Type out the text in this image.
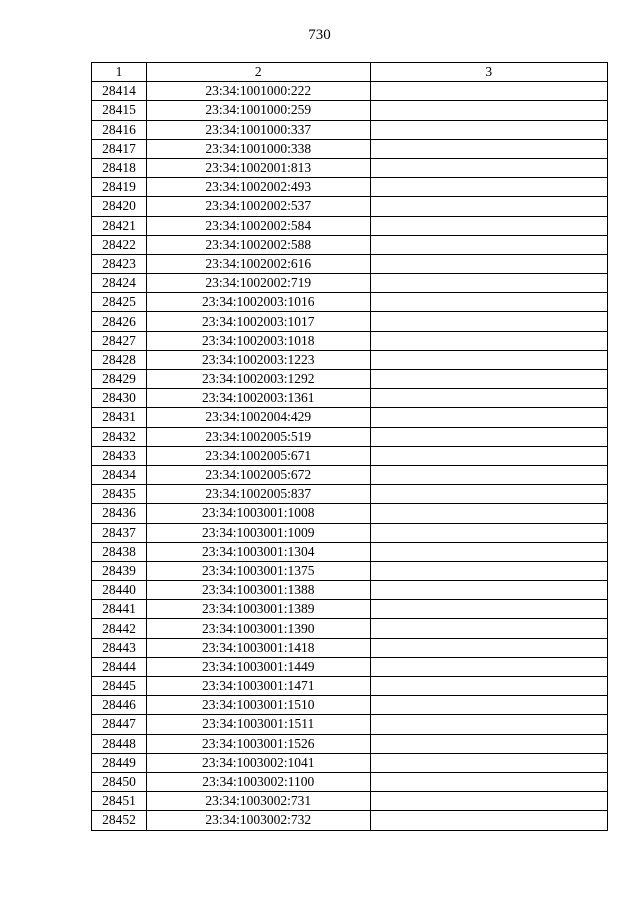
730
1	2	3
28414	23:34:1001000:222	
28415	23:34:1001000:259	
28416	23:34:1001000:337	
28417	23:34:1001000:338	
28418	23:34:1002001:813	
28419	23:34:1002002:493	
28420	23:34:1002002:537	
28421	23:34:1002002:584	
28422	23:34:1002002:588	
28423	23:34:1002002:616	
28424	23:34:1002002:719	
28425	23:34:1002003:1016	
28426	23:34:1002003:1017	
28427	23:34:1002003:1018	
28428	23:34:1002003:1223	
28429	23:34:1002003:1292	
28430	23:34:1002003:1361	
28431	23:34:1002004:429	
28432	23:34:1002005:519	
28433	23:34:1002005:671	
28434	23:34:1002005:672	
28435	23:34:1002005:837	
28436	23:34:1003001:1008	
28437	23:34:1003001:1009	
28438	23:34:1003001:1304	
28439	23:34:1003001:1375	
28440	23:34:1003001:1388	
28441	23:34:1003001:1389	
28442	23:34:1003001:1390	
28443	23:34:1003001:1418	
28444	23:34:1003001:1449	
28445	23:34:1003001:1471	
28446	23:34:1003001:1510	
28447	23:34:1003001:1511	
28448	23:34:1003001:1526	
28449	23:34:1003002:1041	
28450	23:34:1003002:1100	
28451	23:34:1003002:731	
28452	23:34:1003002:732	
